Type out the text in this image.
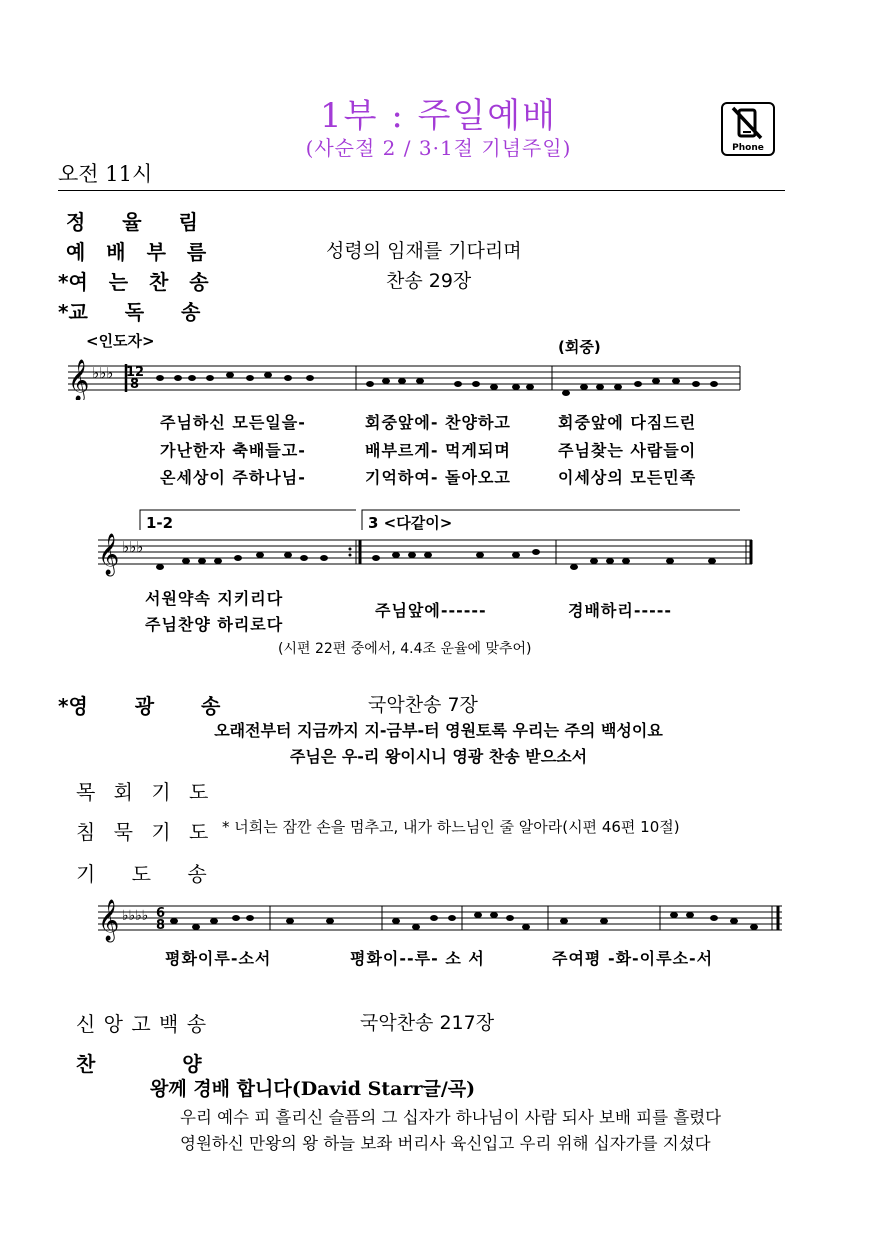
1부 : 주일예배
(사순절 2 / 3·1절 기념주일)	Phone
오전 11시
정 율 림
예 배 부 름	성령의 임재를 기다리며
*여 는 찬 송	찬송 29장
*교 독 송
<인도자>	(회중)
𝄞 ♭♭♭ 12
8
주님하신 모든일을-	회중앞에- 찬양하고	회중앞에 다짐드린
가난한자 축배들고-	배부르게- 먹게되며	주님찾는 사람들이
온세상이 주하나님-	기억하여- 돌아오고	이세상의 모든민족
1-2	3 <다같이>
𝄞 ♭♭♭
서원약속 지키리다
주님찬양 하리로다
주님앞에------	경배하리-----
(시편 22편 중에서, 4.4조 운율에 맞추어)
*영 광 송	국악찬송 7장
오래전부터 지금까지 지-금부-터 영원토록 우리는 주의 백성이요
주님은 우-리 왕이시니 영광 찬송 받으소서
목 회 기 도
침 묵 기 도 * 너희는 잠깐 손을 멈추고, 내가 하느님인 줄 알아라(시편 46편 10절)
기 도 송
𝄞 ♭♭♭♭ 6
8
평화이루-소서	평화이--루- 소 서	주여평 -화-이루소-서
신 앙 고 백 송	국악찬송 217장
찬 양
왕께 경배 합니다(David Starr글/곡)
우리 예수 피 흘리신 슬픔의 그 십자가 하나님이 사람 되사 보배 피를 흘렸다
영원하신 만왕의 왕 하늘 보좌 버리사 육신입고 우리 위해 십자가를 지셨다
